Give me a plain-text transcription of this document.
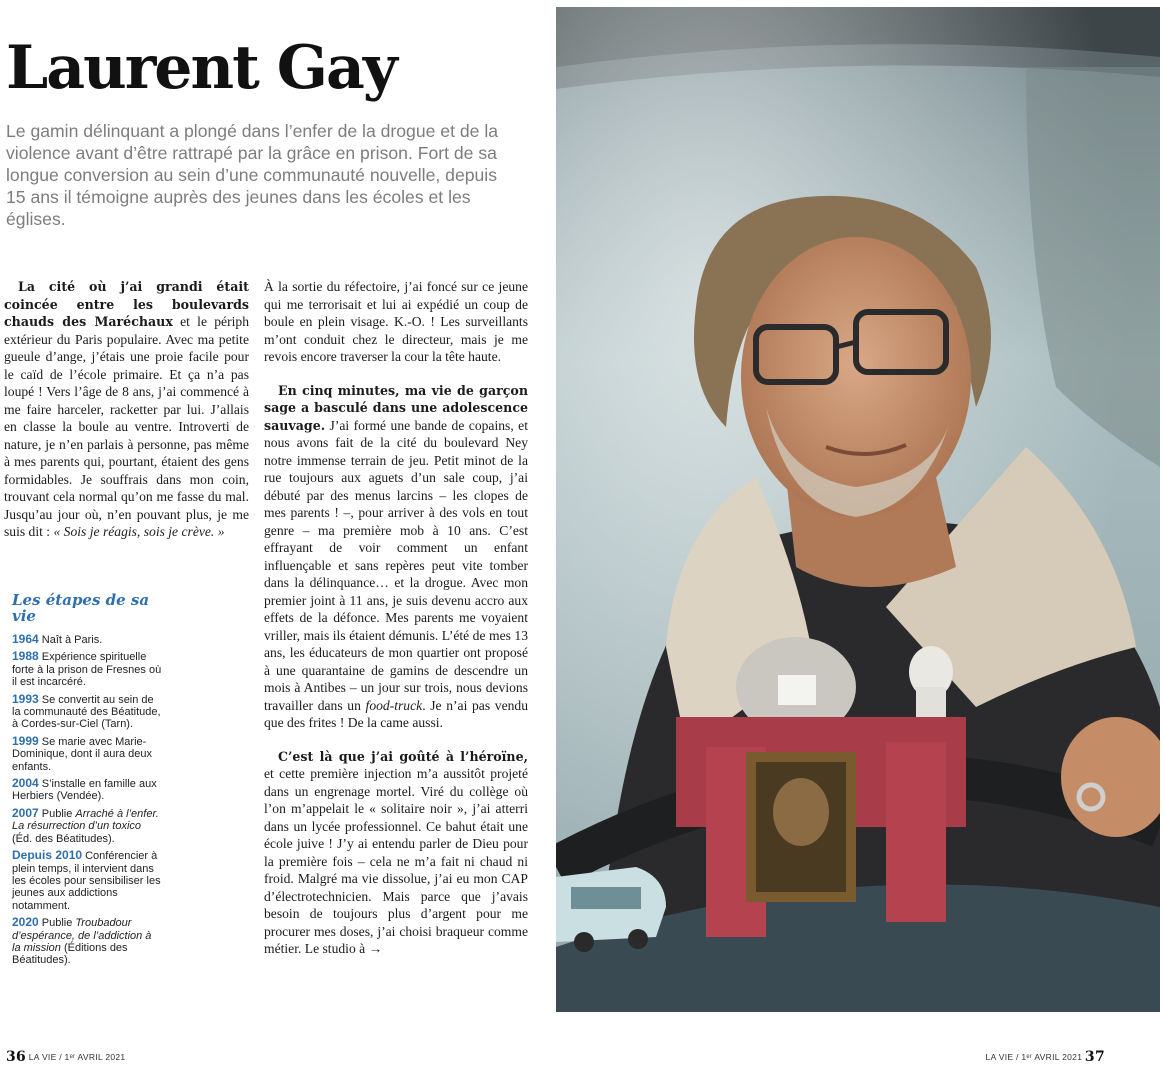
Laurent Gay

Le gamin délinquant a plongé dans l’enfer de la drogue et de la violence avant d’être rattrapé par la grâce en prison. Fort de sa longue conversion au sein d’une communauté nouvelle, depuis 15 ans il témoigne auprès des jeunes dans les écoles et les églises.

La cité où j’ai grandi était coincée entre les boulevards chauds des Maréchaux et le périph extérieur du Paris populaire. Avec ma petite gueule d’ange, j’étais une proie facile pour le caïd de l’école primaire. Et ça n’a pas loupé ! Vers l’âge de 8 ans, j’ai commencé à me faire harceler, racketter par lui. J’allais en classe la boule au ventre. Introverti de nature, je n’en parlais à personne, pas même à mes parents qui, pourtant, étaient des gens formidables. Je souffrais dans mon coin, trouvant cela normal qu’on me fasse du mal. Jusqu’au jour où, n’en pouvant plus, je me suis dit : « Sois je réagis, sois je crève. »
Les étapes de sa vie
1964 Naît à Paris.
1988 Expérience spirituelle forte à la prison de Fresnes où il est incarcéré.
1993 Se convertit au sein de la communauté des Béatitude, à Cordes-sur-Ciel (Tarn).
1999 Se marie avec Marie-Dominique, dont il aura deux enfants.
2004 S’installe en famille aux Herbiers (Vendée).
2007 Publie Arraché à l’enfer. La résurrection d’un toxico (Éd. des Béatitudes).
Depuis 2010 Conférencier à plein temps, il intervient dans les écoles pour sensibiliser les jeunes aux addictions notamment.
2020 Publie Troubadour d’espérance, de l’addiction à la mission (Éditions des Béatitudes).

À la sortie du réfectoire, j’ai foncé sur ce jeune qui me terrorisait et lui ai expédié un coup de boule en plein visage. K.-O. ! Les surveillants m’ont conduit chez le directeur, mais je me revois encore traverser la cour la tête haute.

En cinq minutes, ma vie de garçon sage a basculé dans une adolescence sauvage. J’ai formé une bande de copains, et nous avons fait de la cité du boulevard Ney notre immense terrain de jeu. Petit minot de la rue toujours aux aguets d’un sale coup, j’ai débuté par des menus larcins – les clopes de mes parents ! –, pour arriver à des vols en tout genre – ma première mob à 10 ans. C’est effrayant de voir comment un enfant influençable et sans repères peut vite tomber dans la délinquance… et la drogue. Avec mon premier joint à 11 ans, je suis devenu accro aux effets de la défonce. Mes parents me voyaient vriller, mais ils étaient démunis. L’été de mes 13 ans, les éducateurs de mon quartier ont proposé à une quarantaine de gamins de descendre un mois à Antibes – un jour sur trois, nous devions travailler dans un food-truck. Je n’ai pas vendu que des frites ! De la came aussi.

C’est là que j’ai goûté à l’héroïne, et cette première injection m’a aussitôt projeté dans un engrenage mortel. Viré du collège où l’on m’appelait le « solitaire noir », j’ai atterri dans un lycée professionnel. Ce bahut était une école juive ! J’y ai entendu parler de Dieu pour la première fois – cela ne m’a fait ni chaud ni froid. Malgré ma vie dissolue, j’ai eu mon CAP d’électrotechnicien. Mais parce que j’avais besoin de toujours plus d’argent pour me procurer mes doses, j’ai choisi braqueur comme métier. Le studio à →

36 LA VIE / 1ᵉʳ AVRIL 2021	LA VIE / 1ᵉʳ AVRIL 2021 37
